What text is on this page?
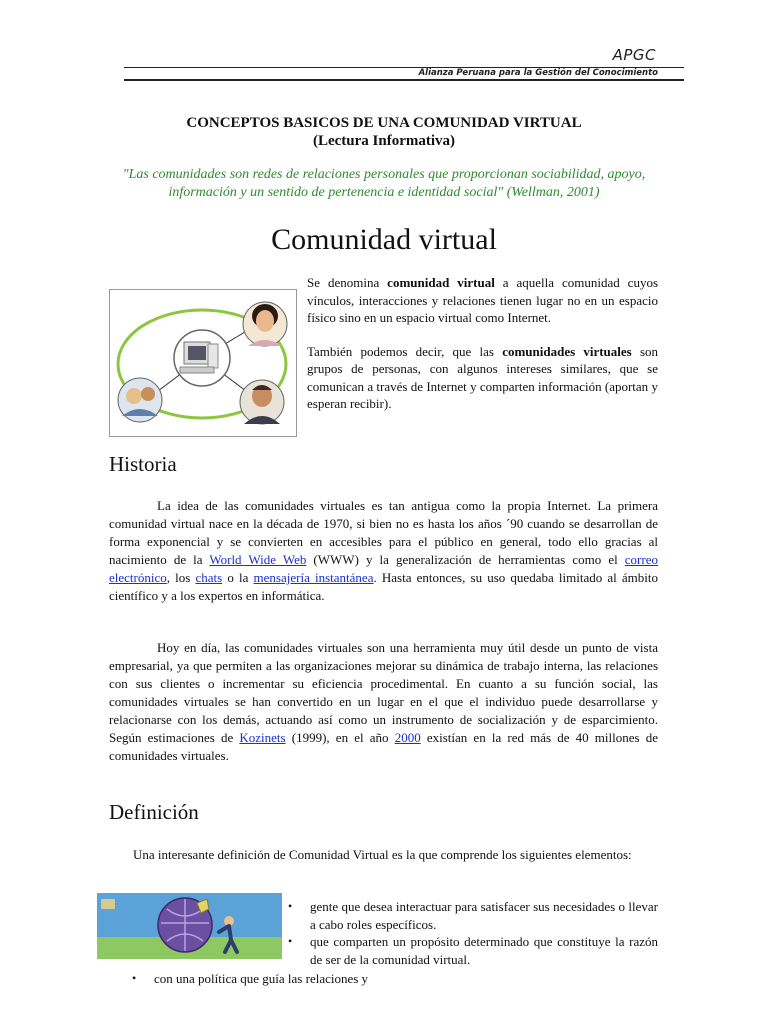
APGC
Alianza Peruana para la Gestión del Conocimiento
CONCEPTOS BASICOS DE UNA COMUNIDAD VIRTUAL
(Lectura Informativa)
"Las comunidades son redes de relaciones personales que proporcionan sociabilidad, apoyo, información y un sentido de pertenencia e identidad social" (Wellman, 2001)
Comunidad virtual

Se denomina comunidad virtual a aquella comunidad cuyos vínculos, interacciones y relaciones tienen lugar no en un espacio físico sino en un espacio virtual como Internet.

También podemos decir, que las comunidades virtuales son grupos de personas, con algunos intereses similares, que se comunican a través de Internet y comparten información (aportan y esperan recibir).

Historia

La idea de las comunidades virtuales es tan antigua como la propia Internet. La primera comunidad virtual nace en la década de 1970, si bien no es hasta los años ´90 cuando se desarrollan de forma exponencial y se convierten en accesibles para el público en general, todo ello gracias al nacimiento de la World Wide Web (WWW) y la generalización de herramientas como el correo electrónico, los chats o la mensajería instantánea. Hasta entonces, su uso quedaba limitado al ámbito científico y a los expertos en informática.

Hoy en día, las comunidades virtuales son una herramienta muy útil desde un punto de vista empresarial, ya que permiten a las organizaciones mejorar su dinámica de trabajo interna, las relaciones con sus clientes o incrementar su eficiencia procedimental. En cuanto a su función social, las comunidades virtuales se han convertido en un lugar en el que el individuo puede desarrollarse y relacionarse con los demás, actuando así como un instrumento de socialización y de esparcimiento. Según estimaciones de Kozinets (1999), en el año 2000 existían en la red más de 40 millones de comunidades virtuales.

Definición

Una interesante definición de Comunidad Virtual es la que comprende los siguientes elementos:

• gente que desea interactuar para satisfacer sus necesidades o llevar a cabo roles específicos.
• que comparten un propósito determinado que constituye la razón de ser de la comunidad virtual.
• con una política que guía las relaciones y
